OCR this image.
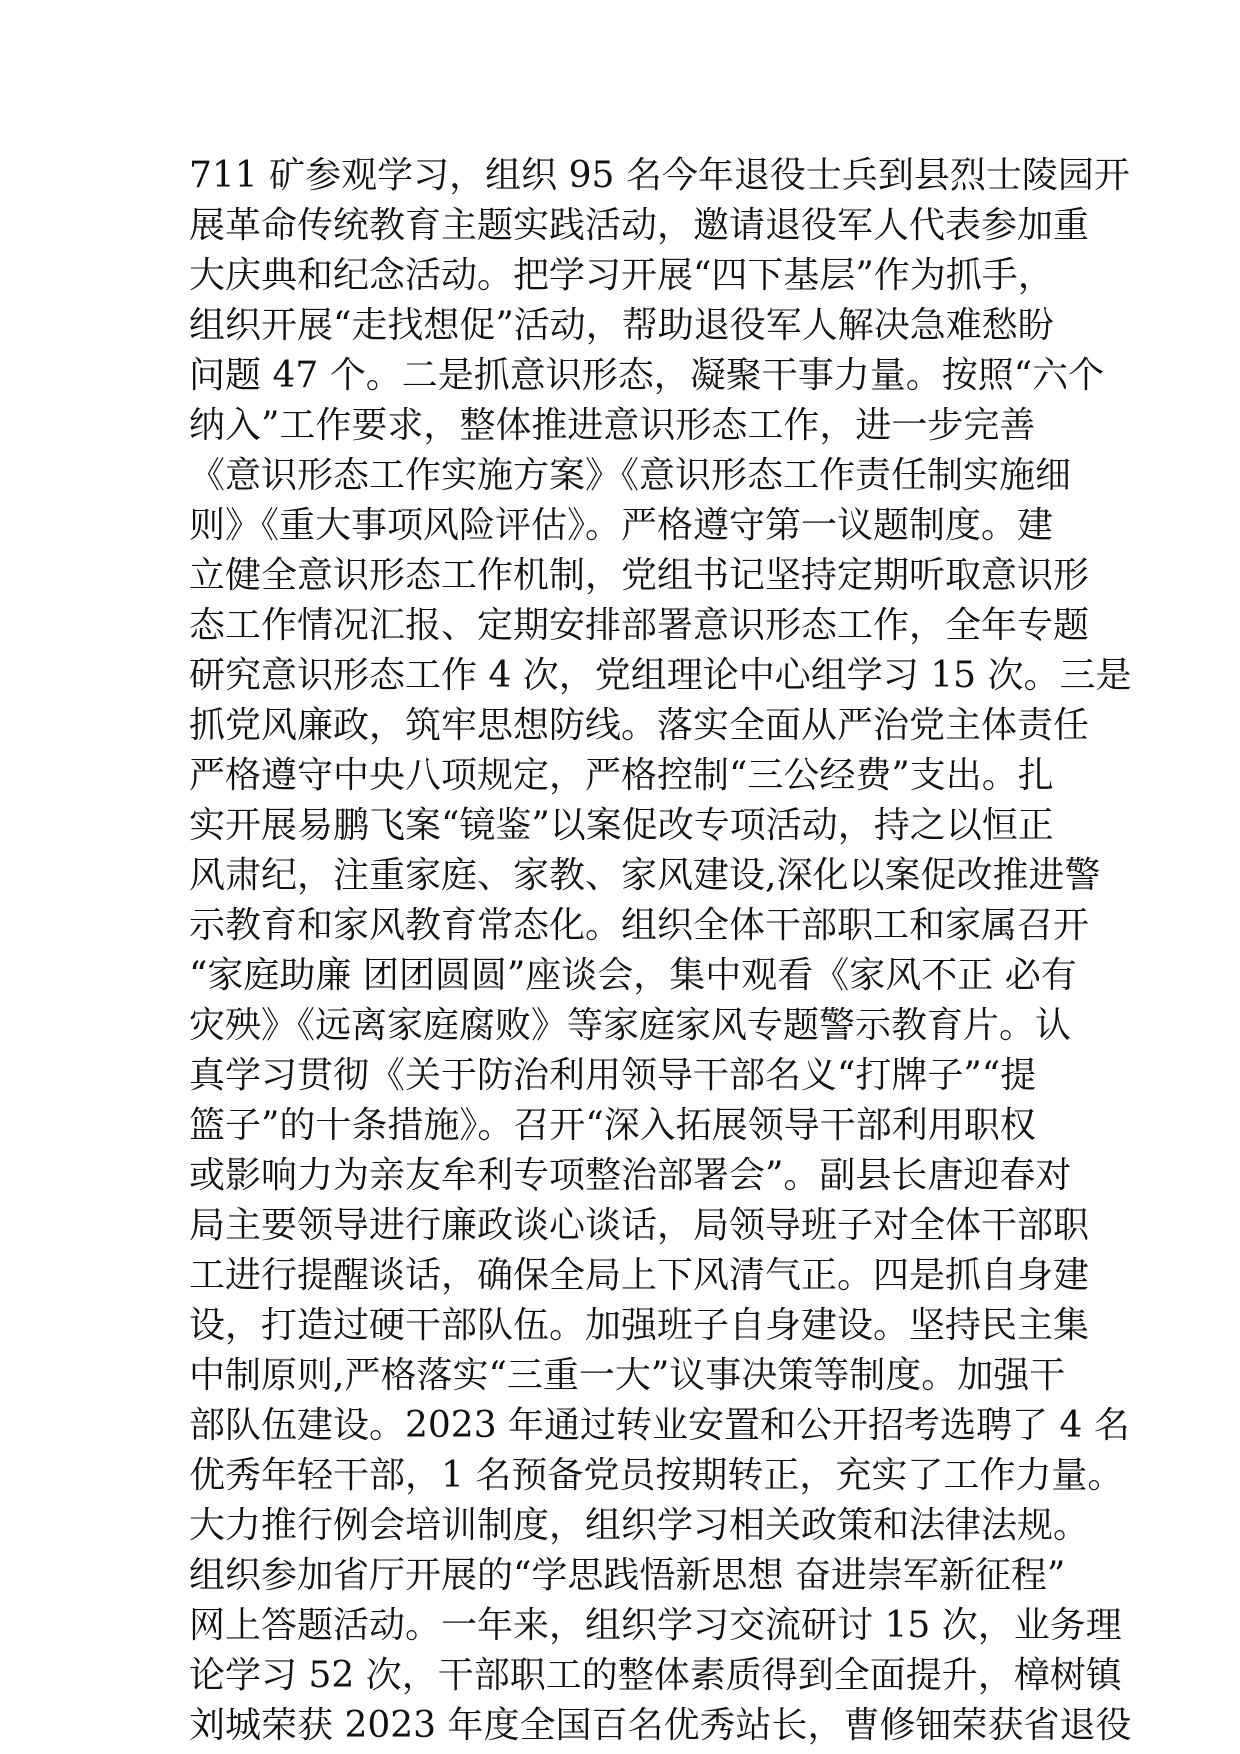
711 矿参观学习，组织 95 名今年退役士兵到县烈士陵园开
展革命传统教育主题实践活动，邀请退役军人代表参加重
大庆典和纪念活动。把学习开展“四下基层”作为抓手，
组织开展“走找想促”活动，帮助退役军人解决急难愁盼
问题 47 个。二是抓意识形态，凝聚干事力量。按照“六个
纳入”工作要求，整体推进意识形态工作，进一步完善
《意识形态工作实施方案》《意识形态工作责任制实施细
则》《重大事项风险评估》。严格遵守第一议题制度。建
立健全意识形态工作机制，党组书记坚持定期听取意识形
态工作情况汇报、定期安排部署意识形态工作，全年专题
研究意识形态工作 4 次，党组理论中心组学习 15 次。三是
抓党风廉政，筑牢思想防线。落实全面从严治党主体责任
严格遵守中央八项规定，严格控制“三公经费”支出。扎
实开展易鹏飞案“镜鉴”以案促改专项活动，持之以恒正
风肃纪，注重家庭、家教、家风建设,深化以案促改推进警
示教育和家风教育常态化。组织全体干部职工和家属召开
“家庭助廉 团团圆圆”座谈会，集中观看《家风不正 必有
灾殃》《远离家庭腐败》等家庭家风专题警示教育片。认
真学习贯彻《关于防治利用领导干部名义“打牌子”“提
篮子”的十条措施》。召开“深入拓展领导干部利用职权
或影响力为亲友牟利专项整治部署会”。副县长唐迎春对
局主要领导进行廉政谈心谈话，局领导班子对全体干部职
工进行提醒谈话，确保全局上下风清气正。四是抓自身建
设，打造过硬干部队伍。加强班子自身建设。坚持民主集
中制原则,严格落实“三重一大”议事决策等制度。加强干
部队伍建设。2023 年通过转业安置和公开招考选聘了 4 名
优秀年轻干部，1 名预备党员按期转正，充实了工作力量。
大力推行例会培训制度，组织学习相关政策和法律法规。
组织参加省厅开展的“学思践悟新思想 奋进崇军新征程”
网上答题活动。一年来，组织学习交流研讨 15 次，业务理
论学习 52 次，干部职工的整体素质得到全面提升，樟树镇
刘城荣获 2023 年度全国百名优秀站长，曹修钿荣获省退役
